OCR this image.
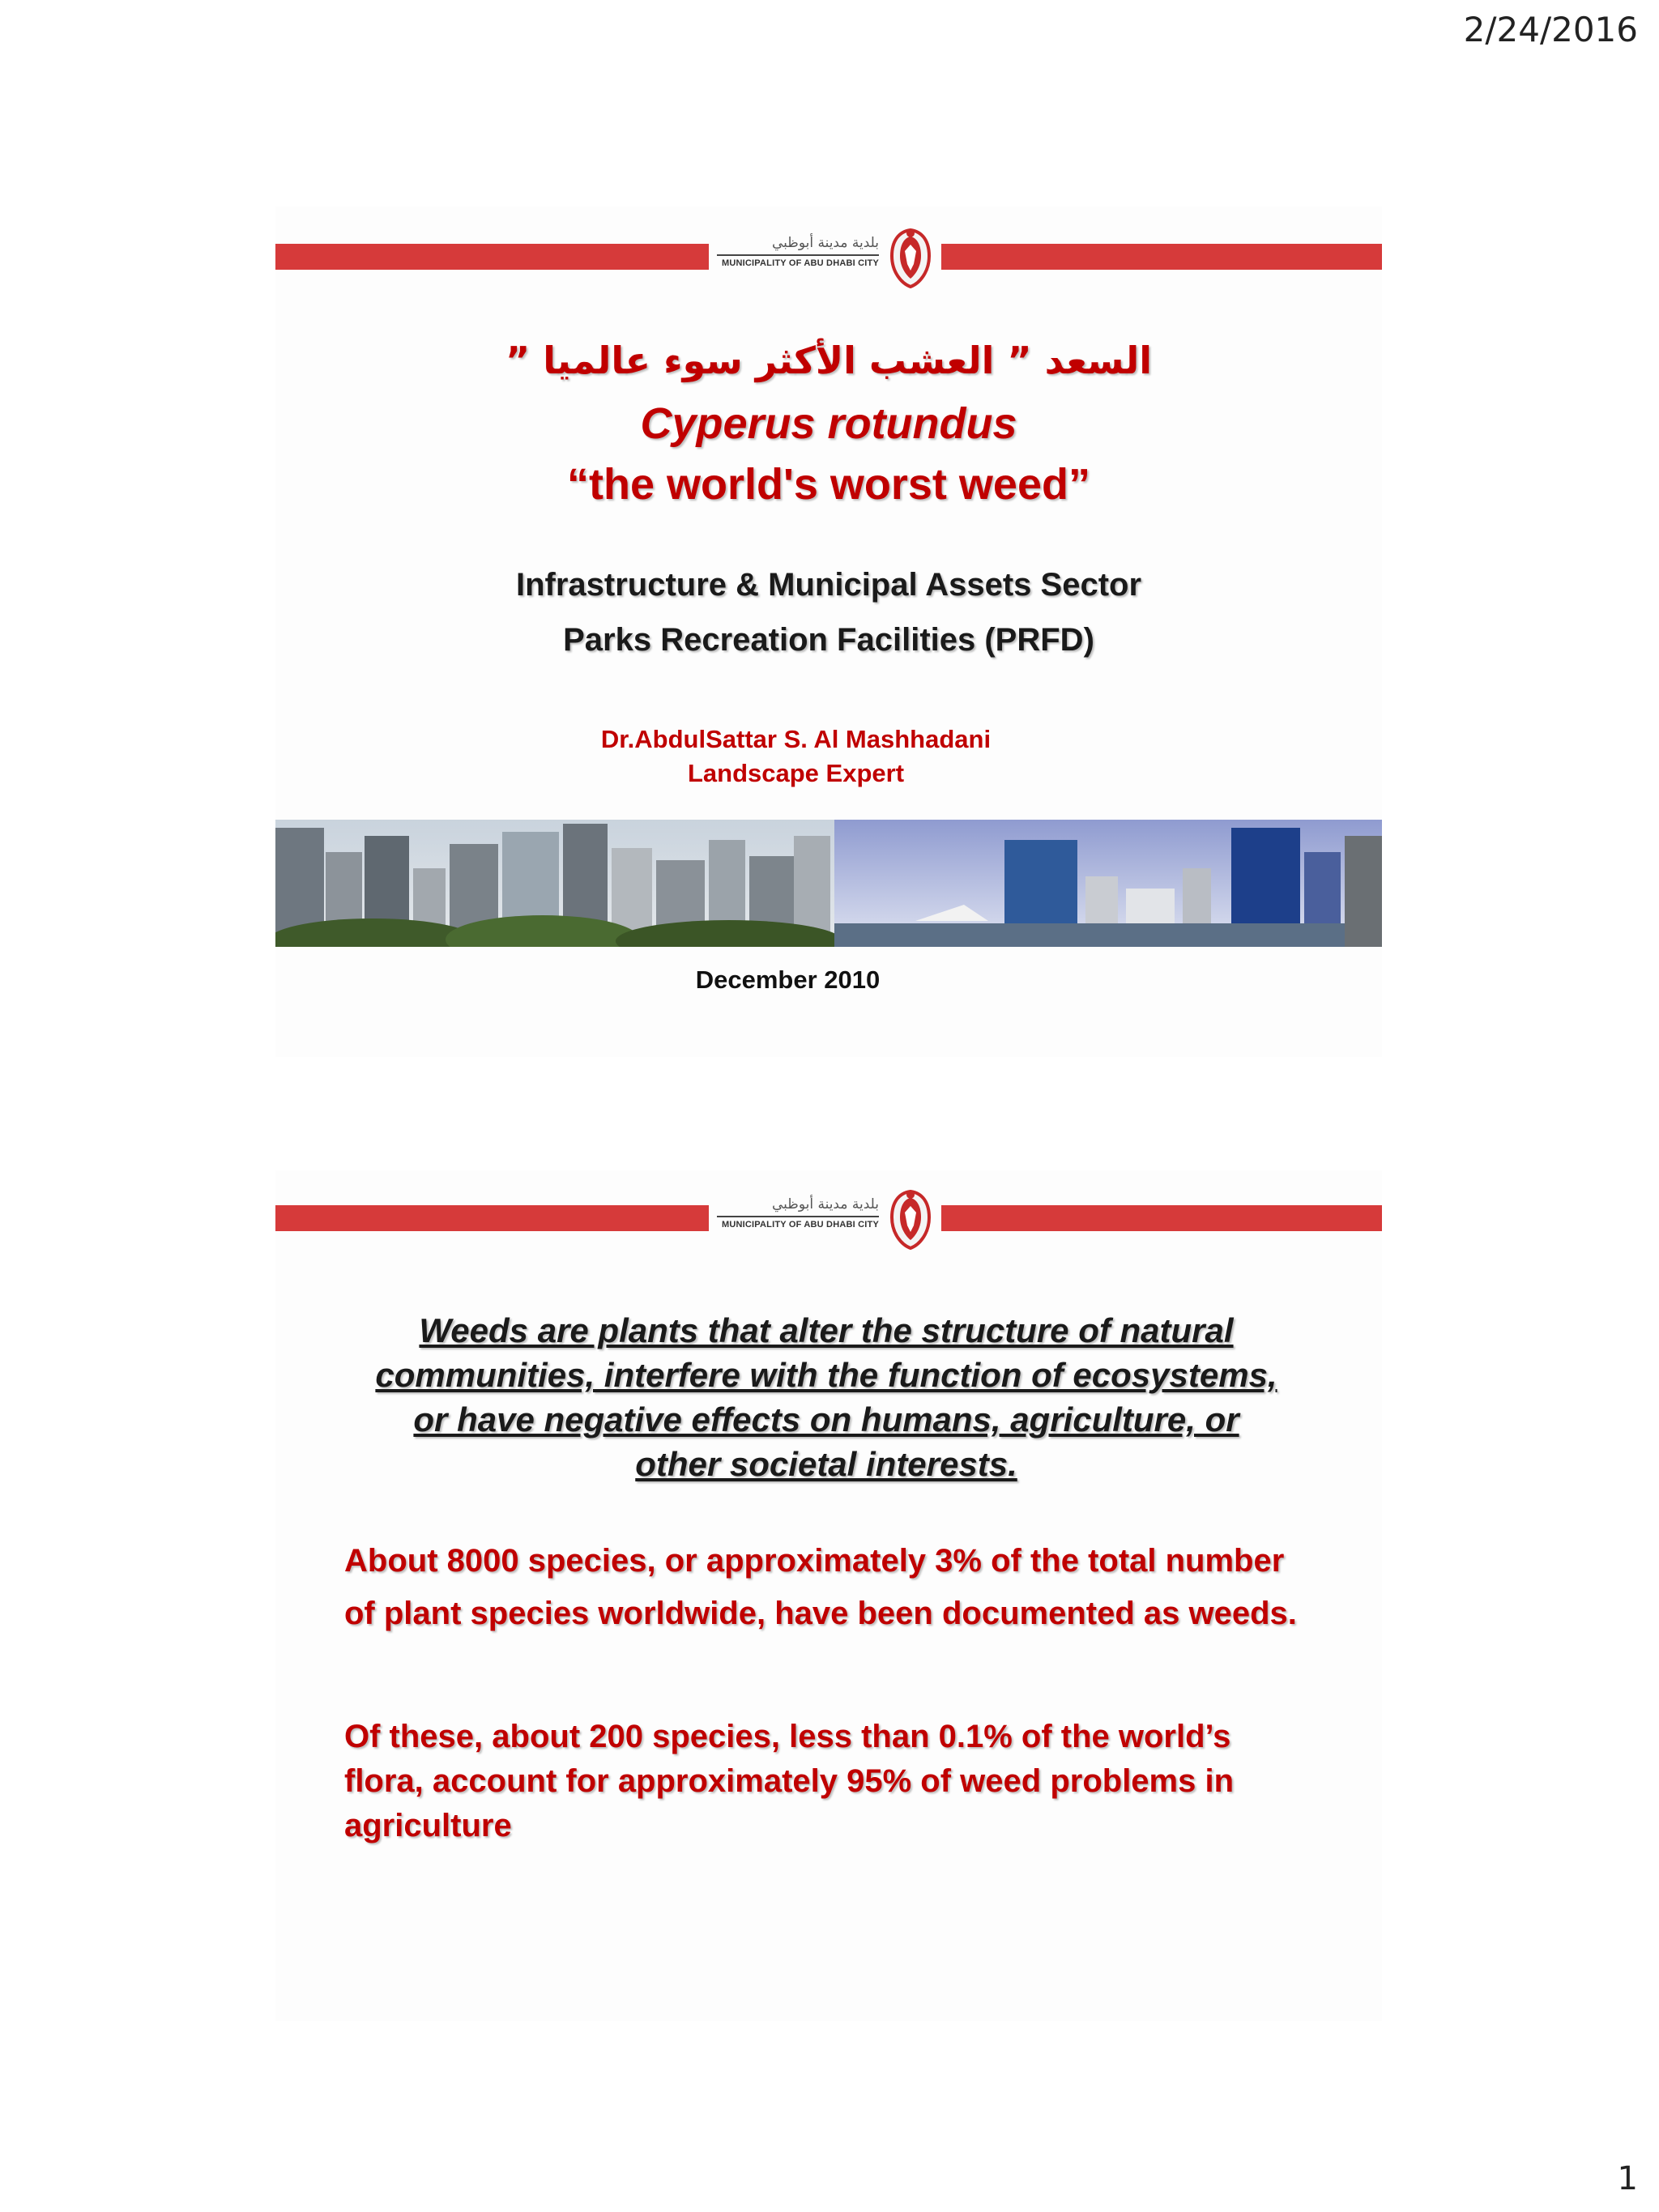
2/24/2016
بلدية مدينة أبوظبي
MUNICIPALITY OF ABU DHABI CITY
السعد ” العشب الأكثر سوء عالميا ”
Cyperus rotundus
“the world's worst weed”
Infrastructure & Municipal Assets Sector
Parks Recreation Facilities (PRFD)
Dr.AbdulSattar S. Al Mashhadani
Landscape Expert
December 2010
بلدية مدينة أبوظبي
MUNICIPALITY OF ABU DHABI CITY
Weeds are plants that alter the structure of natural communities, interfere with the function of ecosystems, or have negative effects on humans, agriculture, or other societal interests.
About 8000 species, or approximately 3% of the total number of plant species worldwide, have been documented as weeds.
Of these, about 200 species, less than 0.1% of the world’s flora, account for approximately 95% of weed problems in agriculture
1
